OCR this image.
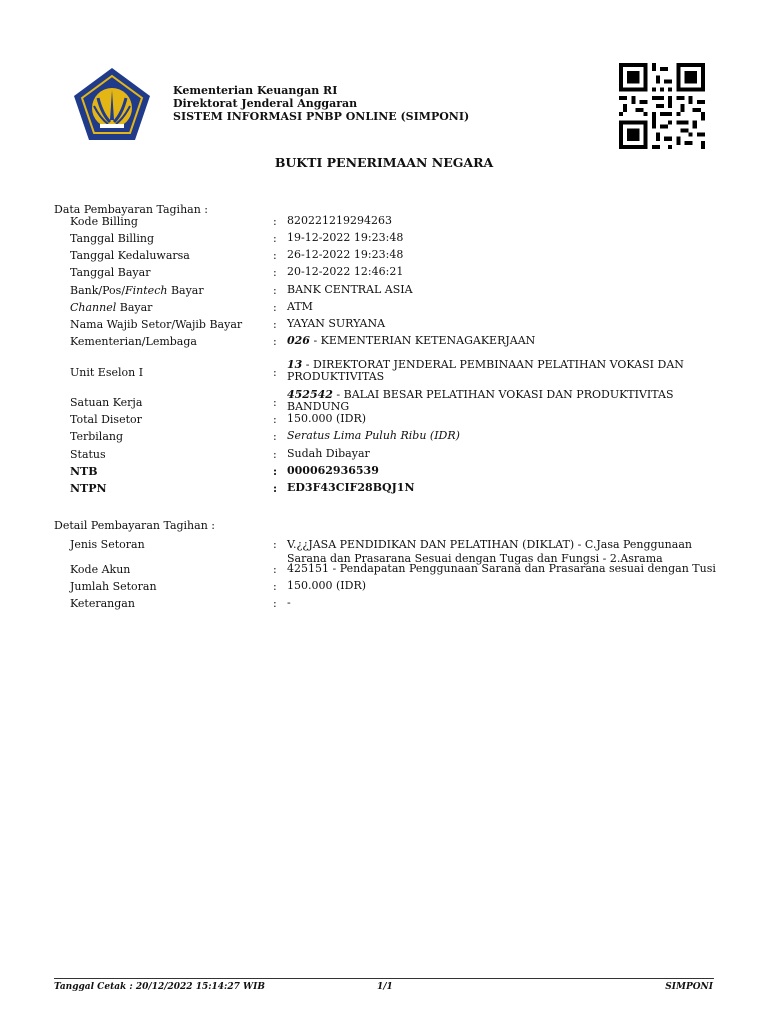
Kementerian Keuangan RI
Direktorat Jenderal Anggaran
SISTEM INFORMASI PNBP ONLINE (SIMPONI)
BUKTI PENERIMAAN NEGARA
Data Pembayaran Tagihan :
Kode Billing	: 820221219294263
Tanggal Billing	: 19-12-2022 19:23:48
Tanggal Kedaluwarsa	: 26-12-2022 19:23:48
Tanggal Bayar	: 20-12-2022 12:46:21
Bank/Pos/Fintech Bayar	: BANK CENTRAL ASIA
Channel Bayar	: ATM
Nama Wajib Setor/Wajib Bayar	: YAYAN SURYANA
Kementerian/Lembaga	: 026 - KEMENTERIAN KETENAGAKERJAAN
Unit Eselon I	:
13 - DIREKTORAT JENDERAL PEMBINAAN PELATIHAN VOKASI DAN PRODUKTIVITAS
Satuan Kerja	:
452542 - BALAI BESAR PELATIHAN VOKASI DAN PRODUKTIVITAS BANDUNG
Total Disetor	: 150.000 (IDR)
Terbilang	: Seratus Lima Puluh Ribu (IDR)
Status	: Sudah Dibayar
NTB	: 000062936539
NTPN	: ED3F43CIF28BQJ1N
Detail Pembayaran Tagihan :
Jenis Setoran	: V.¿¿JASA PENDIDIKAN DAN PELATIHAN (DIKLAT) - C.Jasa Penggunaan Sarana dan Prasarana Sesuai dengan Tugas dan Fungsi - 2.Asrama
Kode Akun	: 425151 - Pendapatan Penggunaan Sarana dan Prasarana sesuai dengan Tusi
Jumlah Setoran	: 150.000 (IDR)
Keterangan	: -
Tanggal Cetak : 20/12/2022 15:14:27 WIB	1/1	SIMPONI
